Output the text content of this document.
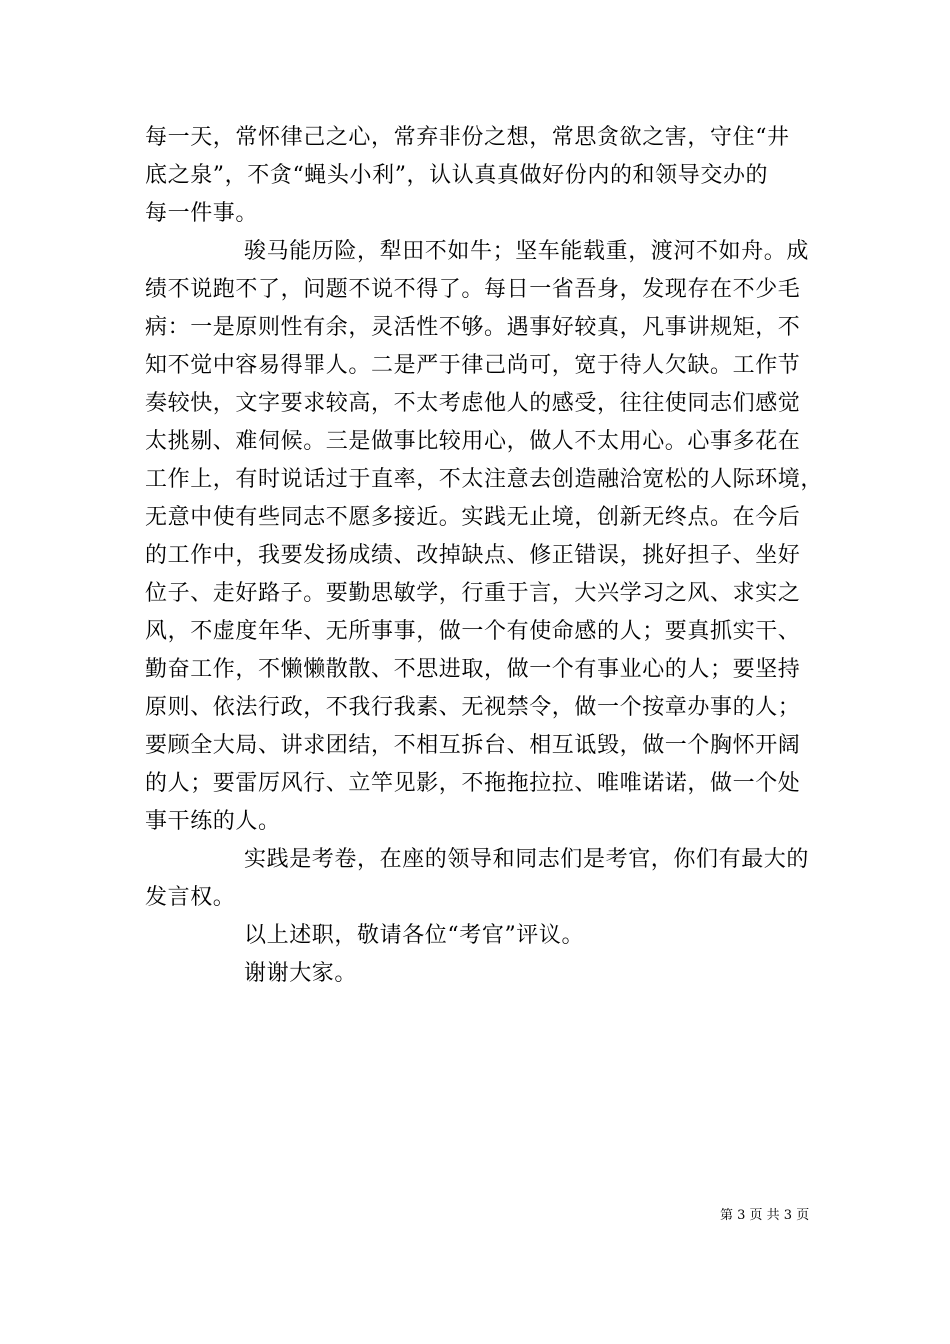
每一天，常怀律己之心，常弃非份之想，常思贪欲之害，守住“井
底之泉”，不贪“蝇头小利”，认认真真做好份内的和领导交办的
每一件事。
骏马能历险，犁田不如牛；坚车能载重，渡河不如舟。成
绩不说跑不了，问题不说不得了。每日一省吾身，发现存在不少毛
病：一是原则性有余，灵活性不够。遇事好较真，凡事讲规矩，不
知不觉中容易得罪人。二是严于律己尚可，宽于待人欠缺。工作节
奏较快，文字要求较高，不太考虑他人的感受，往往使同志们感觉
太挑剔、难伺候。三是做事比较用心，做人不太用心。心事多花在
工作上，有时说话过于直率，不太注意去创造融洽宽松的人际环境，
无意中使有些同志不愿多接近。实践无止境，创新无终点。在今后
的工作中，我要发扬成绩、改掉缺点、修正错误，挑好担子、坐好
位子、走好路子。要勤思敏学，行重于言，大兴学习之风、求实之
风，不虚度年华、无所事事，做一个有使命感的人；要真抓实干、
勤奋工作，不懒懒散散、不思进取，做一个有事业心的人；要坚持
原则、依法行政，不我行我素、无视禁令，做一个按章办事的人；
要顾全大局、讲求团结，不相互拆台、相互诋毁，做一个胸怀开阔
的人；要雷厉风行、立竿见影，不拖拖拉拉、唯唯诺诺，做一个处
事干练的人。
实践是考卷，在座的领导和同志们是考官，你们有最大的
发言权。
以上述职，敬请各位“考官”评议。
谢谢大家。
第 3 页 共 3 页
